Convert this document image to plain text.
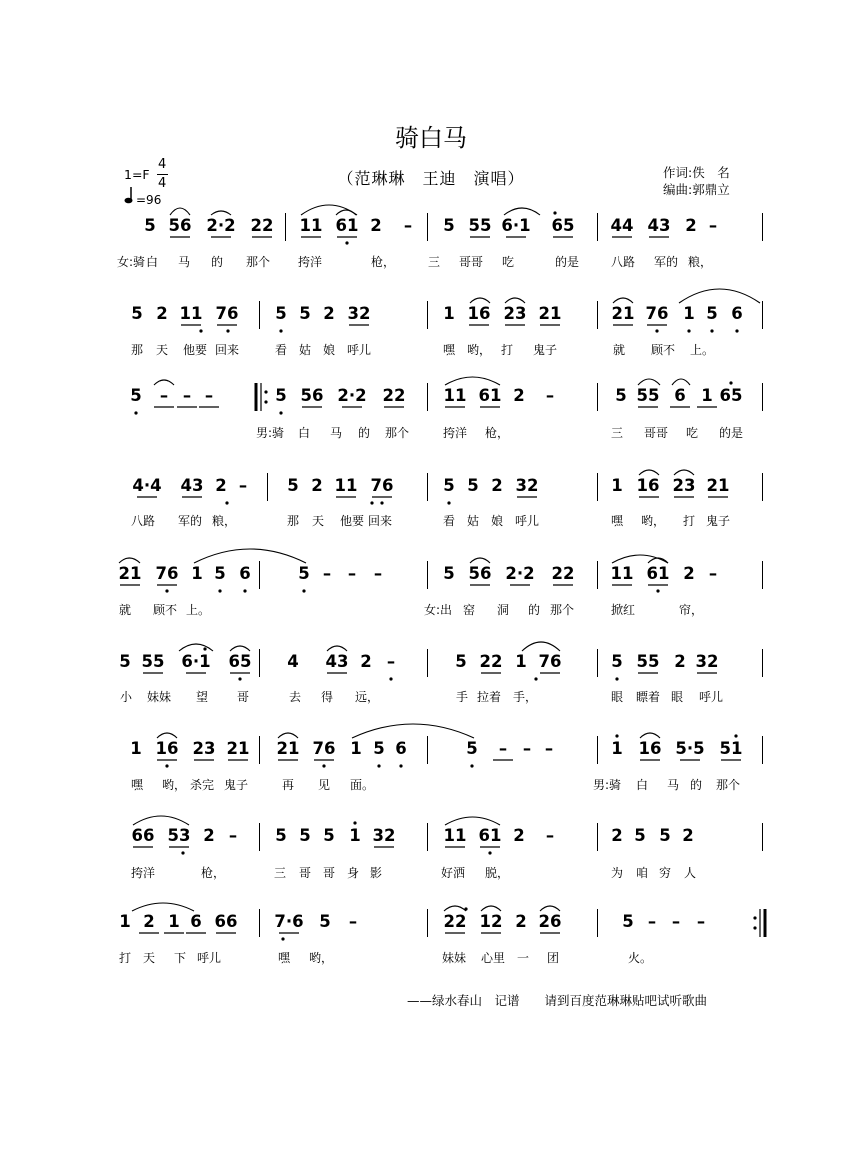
骑白马
（范琳琳　王迪　演唱）
1=F
4
4
=96
作词:佚　名
编曲:郭鼎立
5 56 2·2 22 11 61 2 – 5 55 6·1 65 44 43 2 –
女:骑 白 马 的 那个 挎洋	枪，	三 哥哥 吃	的是	八路 军的 粮，
5 2 11 76 5 5 2 32	1 16 23 21	21 76 1 5 6
那 天 他要 回来	看 姑 娘 呼儿	嘿 哟， 打 鬼子	就 顾不 上。
5 – – –	5 56 2·2 22 11 61 2 –	5 55 6 1 65
男:骑 白 马 的 那个	挎洋 枪，	三 哥哥 吃 的是
4·4 43 2 – 5 2 11 76	5 5 2 32	1 16 23 21
八路 军的 粮，	那 天 他要 回来	看 姑 娘 呼儿	嘿 哟， 打 鬼子
21 76 1 5 6	5 – – –	5 56 2·2 22 11 61 2 –
就 顾不 上。	女:出 窑 洞 的 那个	掀红	帘，
5 55 6·1 65 4 43 2 –	5 22 1 76	5 55 2 32
小 妹妹 望 哥	去 得 远，	手 拉着 手，	眼 瞟着 眼 呼儿
1 16 23 21 21 76 1 5 6	5 – – –	1 16 5·5 51
嘿 哟， 杀完 鬼子	再 见 面。	男:骑 白 马 的 那个
66 53 2 – 5 5 5 1 32	11 61 2 –	2 5 5 2
挎洋	枪，	三 哥 哥 身 影	好洒 脱，	为 咱 穷 人
1 2 1 6 66 7·6 5 –	22 12 2 26	5 – – –
打 天 下 呼儿	嘿 哟，	妹妹 心里 一 团	火。
——绿水春山　记谱　　请到百度范琳琳贴吧试听歌曲
